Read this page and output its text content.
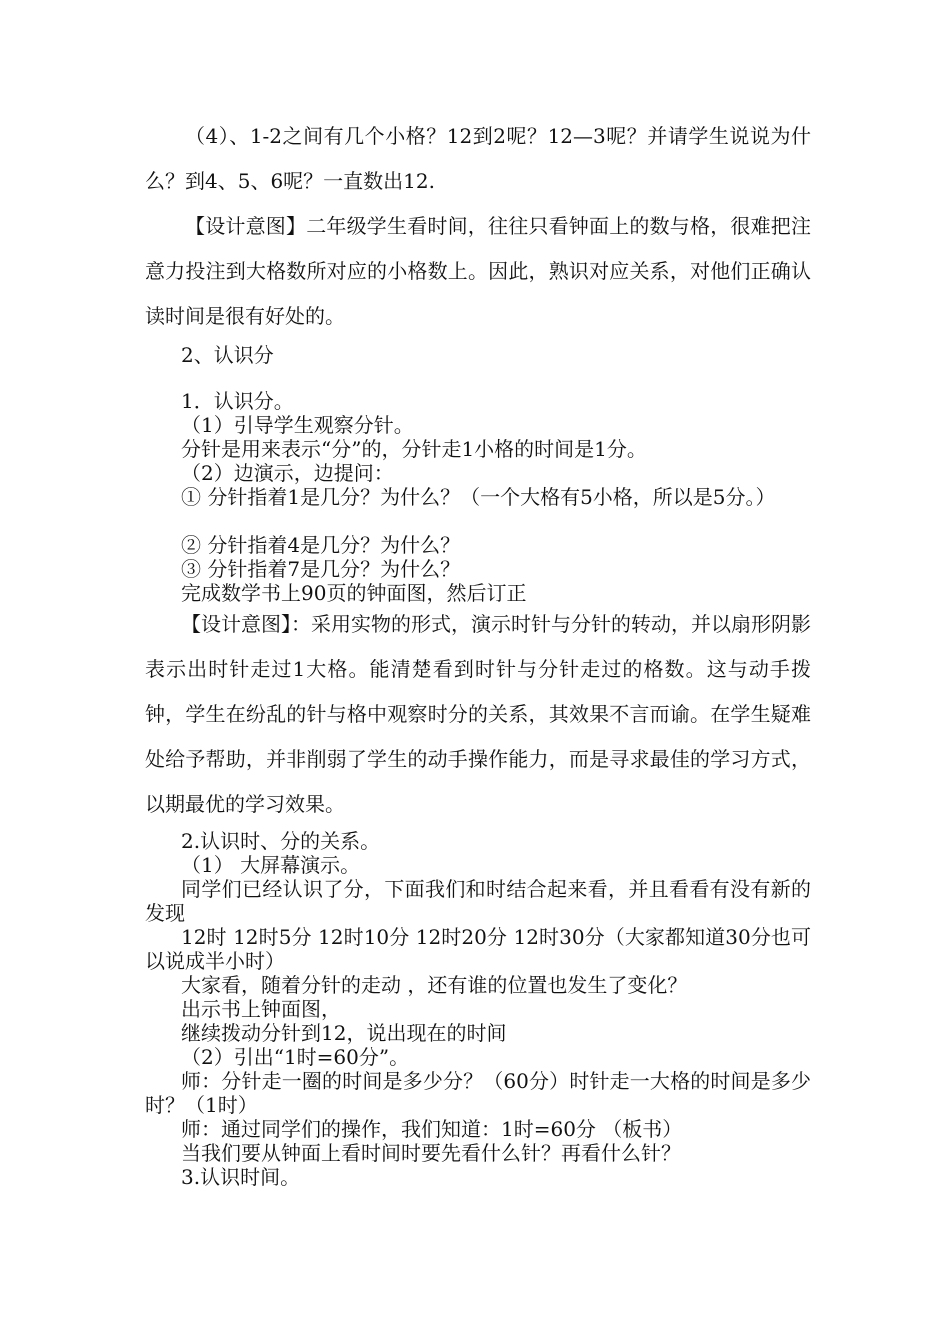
（4）、1-2之间有几个小格？12到2呢？12—3呢？并请学生说说为什么？到4、5、6呢？一直数出12.

【设计意图】二年级学生看时间，往往只看钟面上的数与格，很难把注意力投注到大格数所对应的小格数上。因此，熟识对应关系，对他们正确认读时间是很有好处的。

2、认识分

1．认识分。

（1）引导学生观察分针。

分针是用来表示“分”的，分针走1小格的时间是1分。

（2）边演示，边提问：

① 分针指着1是几分？为什么？（一个大格有5小格，所以是5分。）

② 分针指着4是几分？为什么？

③ 分针指着7是几分？为什么？

完成数学书上90页的钟面图，然后订正

【设计意图】：采用实物的形式，演示时针与分针的转动，并以扇形阴影表示出时针走过1大格。能清楚看到时针与分针走过的格数。这与动手拨钟，学生在纷乱的针与格中观察时分的关系，其效果不言而谕。在学生疑难处给予帮助，并非削弱了学生的动手操作能力，而是寻求最佳的学习方式，以期最优的学习效果。

2.认识时、分的关系。

（1） 大屏幕演示。

同学们已经认识了分，下面我们和时结合起来看，并且看看有没有新的发现

12时 12时5分 12时10分 12时20分 12时30分（大家都知道30分也可以说成半小时）

大家看，随着分针的走动 ，还有谁的位置也发生了变化？

出示书上钟面图，

继续拨动分针到12，说出现在的时间

（2）引出“1时=60分”。

师：分针走一圈的时间是多少分？（60分）时针走一大格的时间是多少时？（1时）

师：通过同学们的操作，我们知道：1时=60分 （板书）

当我们要从钟面上看时间时要先看什么针？再看什么针？

3.认识时间。
